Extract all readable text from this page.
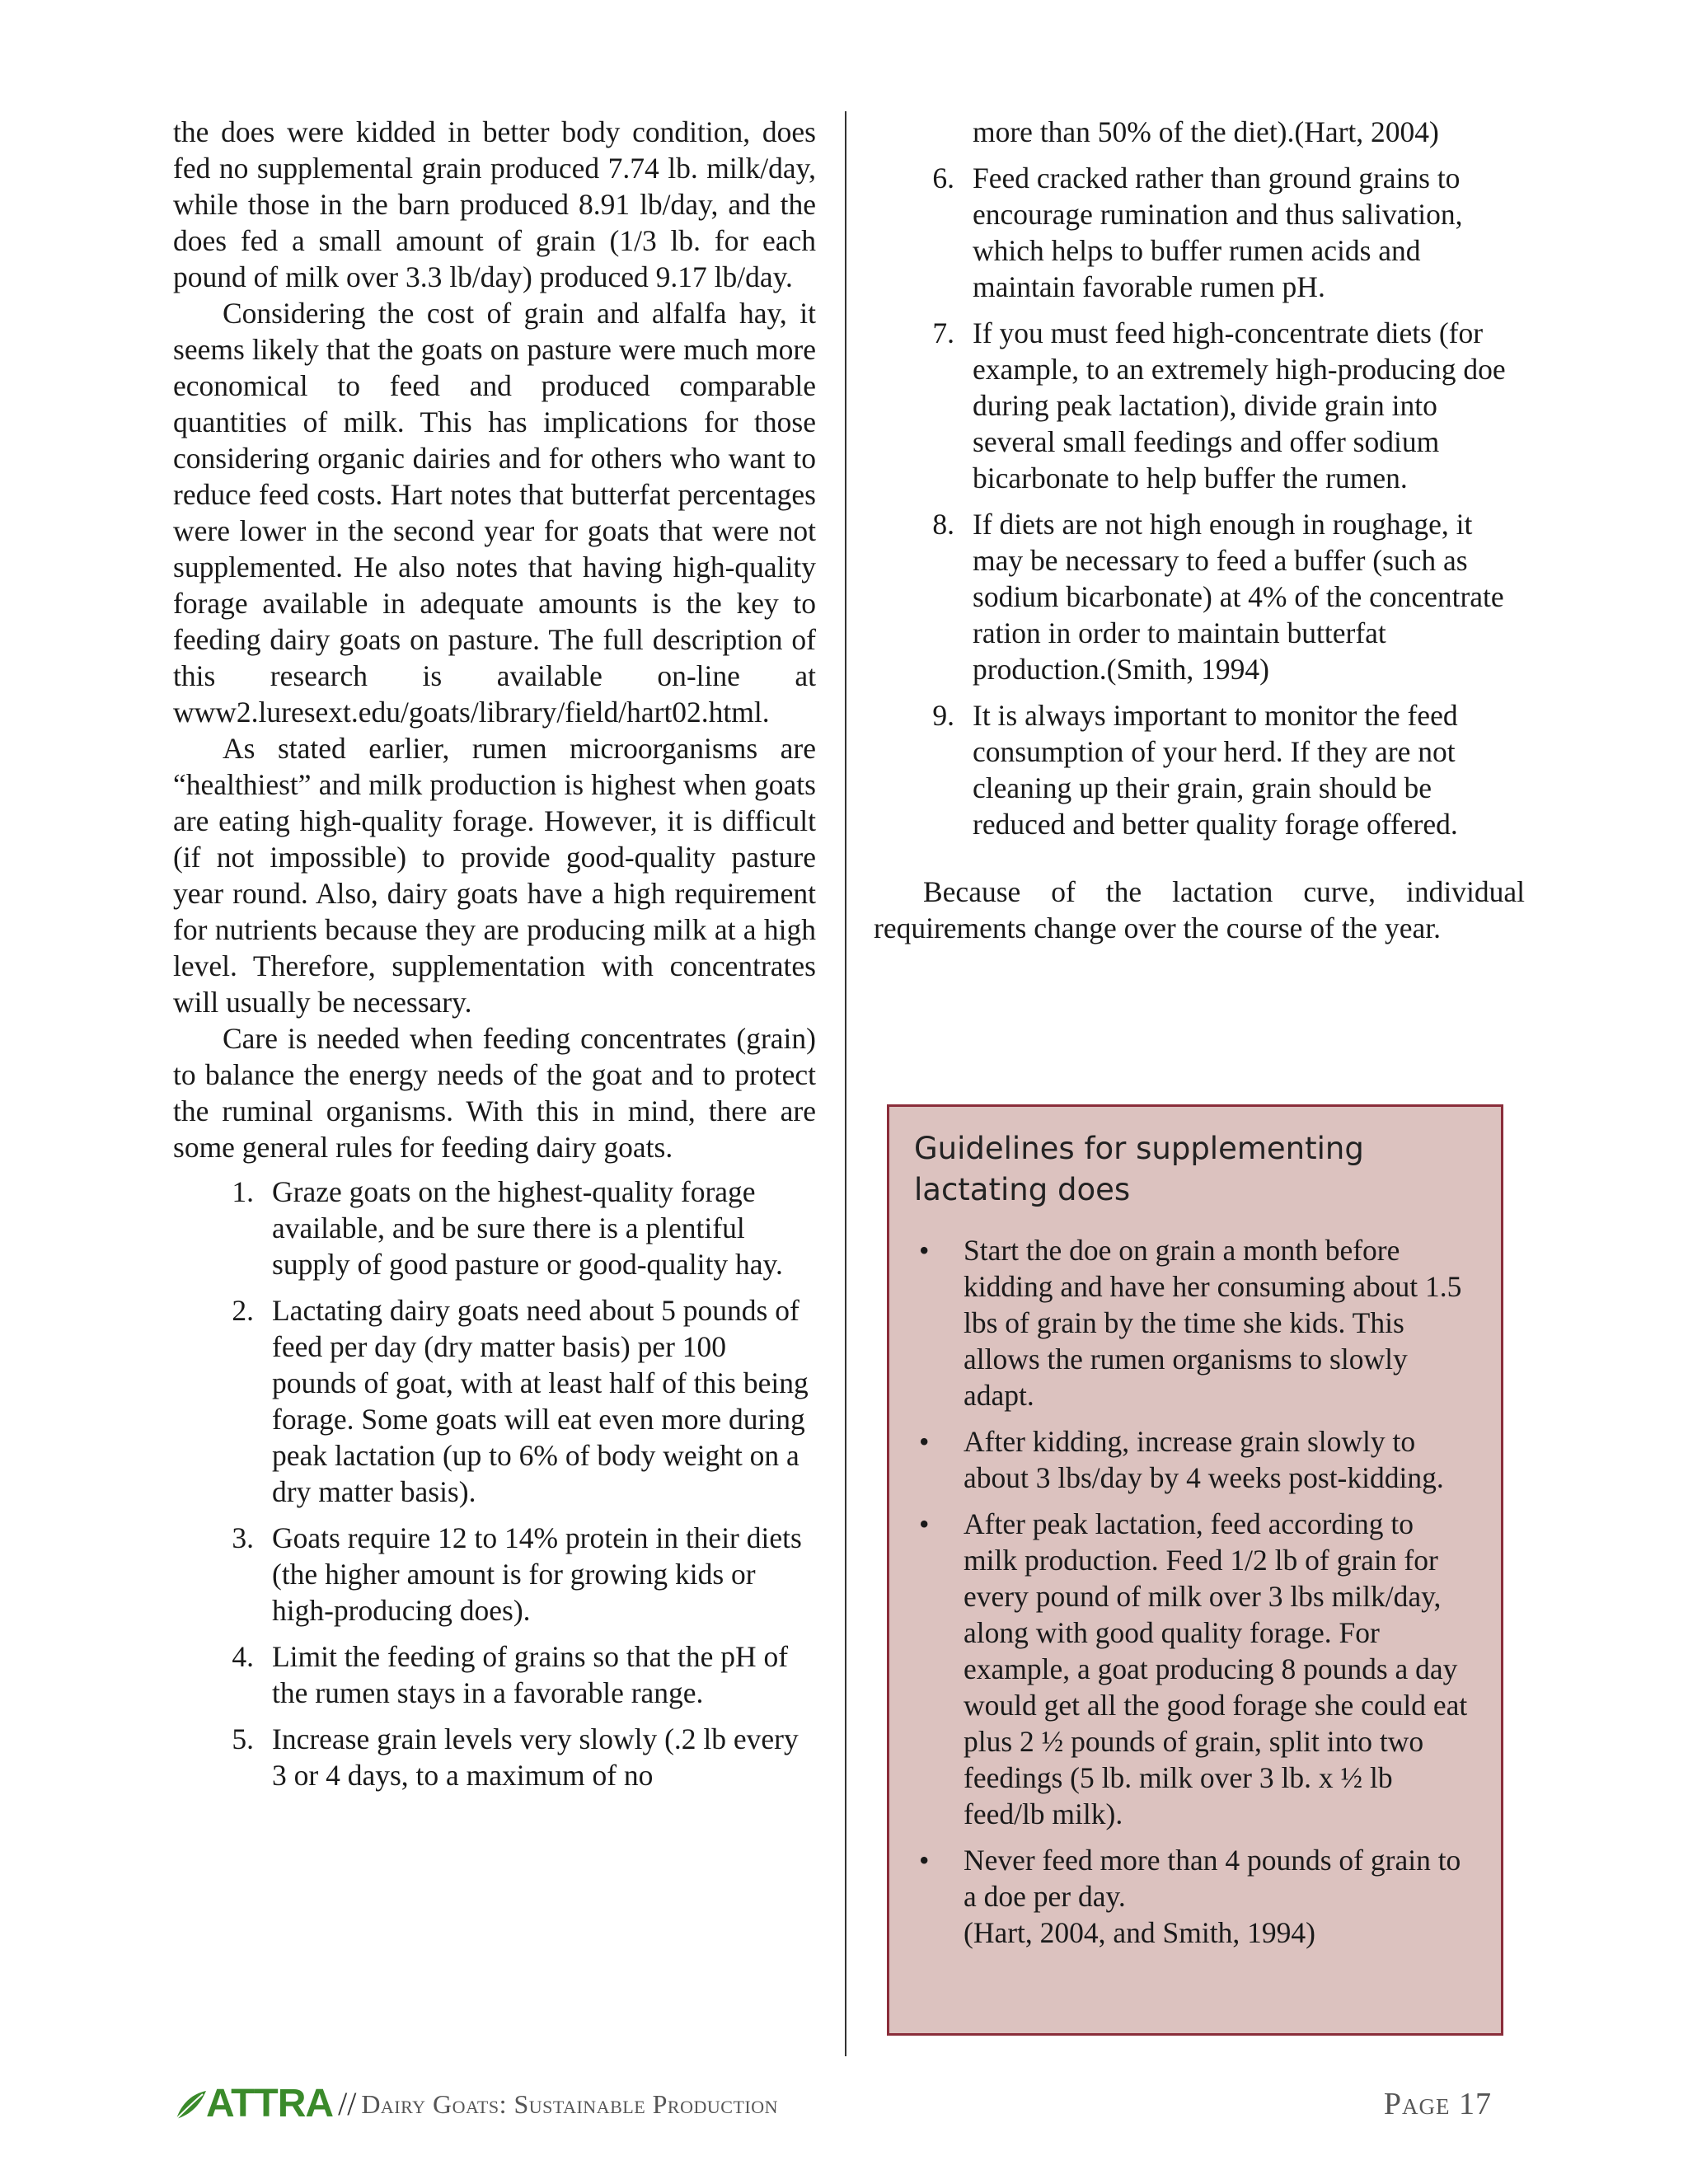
the does were kidded in better body condition, does fed no supplemental grain produced 7.74 lb. milk/day, while those in the barn produced 8.91 lb/day, and the does fed a small amount of grain (1/3 lb. for each pound of milk over 3.3 lb/day) produced 9.17 lb/day.

Considering the cost of grain and alfalfa hay, it seems likely that the goats on pasture were much more economical to feed and produced comparable quantities of milk. This has implications for those considering organic dairies and for others who want to reduce feed costs. Hart notes that butterfat percentages were lower in the second year for goats that were not supplemented. He also notes that having high-quality forage available in adequate amounts is the key to feeding dairy goats on pasture. The full description of this research is available on-line at www2.luresext.edu/goats/library/field/hart02.html.

As stated earlier, rumen microorganisms are “healthiest” and milk production is highest when goats are eating high-quality forage. However, it is difficult (if not impossible) to provide good-quality pasture year round. Also, dairy goats have a high requirement for nutrients because they are producing milk at a high level. Therefore, supplementation with concentrates will usually be necessary.

Care is needed when feeding concentrates (grain) to balance the energy needs of the goat and to protect the ruminal organisms. With this in mind, there are some general rules for feeding dairy goats.

1. Graze goats on the highest-quality forage available, and be sure there is a plentiful supply of good pasture or good-quality hay.
2. Lactating dairy goats need about 5 pounds of feed per day (dry matter basis) per 100 pounds of goat, with at least half of this being forage. Some goats will eat even more during peak lactation (up to 6% of body weight on a dry matter basis).
3. Goats require 12 to 14% protein in their diets (the higher amount is for growing kids or high-producing does).
4. Limit the feeding of grains so that the pH of the rumen stays in a favorable range.
5. Increase grain levels very slowly (.2 lb every 3 or 4 days, to a maximum of no
more than 50% of the diet).(Hart, 2004)
6. Feed cracked rather than ground grains to encourage rumination and thus salivation, which helps to buffer rumen acids and maintain favorable rumen pH.
7. If you must feed high-concentrate diets (for example, to an extremely high-producing doe during peak lactation), divide grain into several small feedings and offer sodium bicarbonate to help buffer the rumen.
8. If diets are not high enough in roughage, it may be necessary to feed a buffer (such as sodium bicarbonate) at 4% of the concentrate ration in order to maintain butterfat production.(Smith, 1994)
9. It is always important to monitor the feed consumption of your herd. If they are not cleaning up their grain, grain should be reduced and better quality forage offered.

Because of the lactation curve, individual requirements change over the course of the year.

Guidelines for supplementing lactating does
• Start the doe on grain a month before kidding and have her consuming about 1.5 lbs of grain by the time she kids. This allows the rumen organisms to slowly adapt.
• After kidding, increase grain slowly to about 3 lbs/day by 4 weeks post-kidding.
• After peak lactation, feed according to milk production. Feed 1/2 lb of grain for every pound of milk over 3 lbs milk/day, along with good quality forage. For example, a goat producing 8 pounds a day would get all the good forage she could eat plus 2 ½ pounds of grain, split into two feedings (5 lb. milk over 3 lb. x ½ lb feed/lb milk).
• Never feed more than 4 pounds of grain to a doe per day.
(Hart, 2004, and Smith, 1994)
ATTRA // Dairy Goats: Sustainable Production	Page 17
